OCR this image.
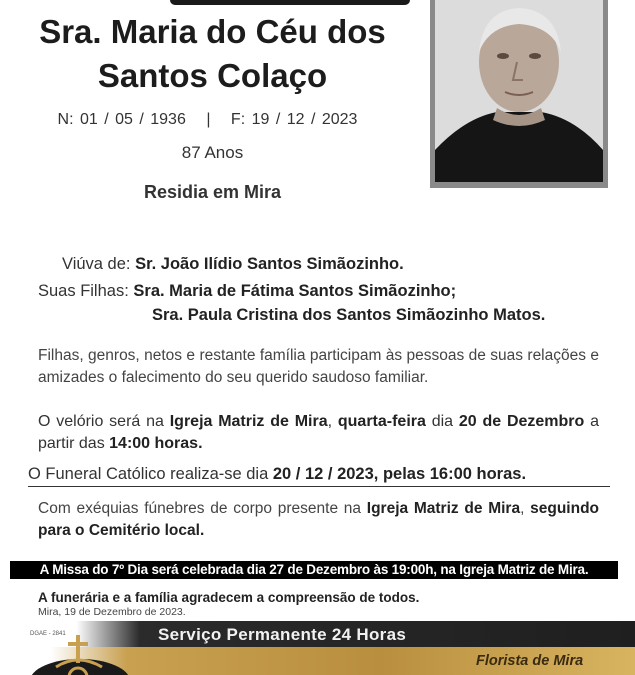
Sra. Maria do Céu dos
Santos Colaço
N: 01 / 05 / 1936 | F: 19 / 12 / 2023
87 Anos
Residia em Mira
Viúva de: Sr. João Ilídio Santos Simãozinho.
Suas Filhas: Sra. Maria de Fátima Santos Simãozinho;
Sra. Paula Cristina dos Santos Simãozinho Matos.
Filhas, genros, netos e restante família participam às pessoas de suas relações e amizades o falecimento do seu querido saudoso familiar.
O velório será na Igreja Matriz de Mira, quarta-feira dia 20 de Dezembro a partir das 14:00 horas.
O Funeral Católico realiza-se dia 20 / 12 / 2023, pelas 16:00 horas.
Com exéquias fúnebres de corpo presente na Igreja Matriz de Mira, seguindo para o Cemitério local.
A Missa do 7º Dia será celebrada dia 27 de Dezembro às 19:00h, na Igreja Matriz de Mira.
A funerária e a família agradecem a compreensão de todos.
Mira, 19 de Dezembro de 2023.
Serviço Permanente 24 Horas
Florista de Mira
DGAE - 2841
